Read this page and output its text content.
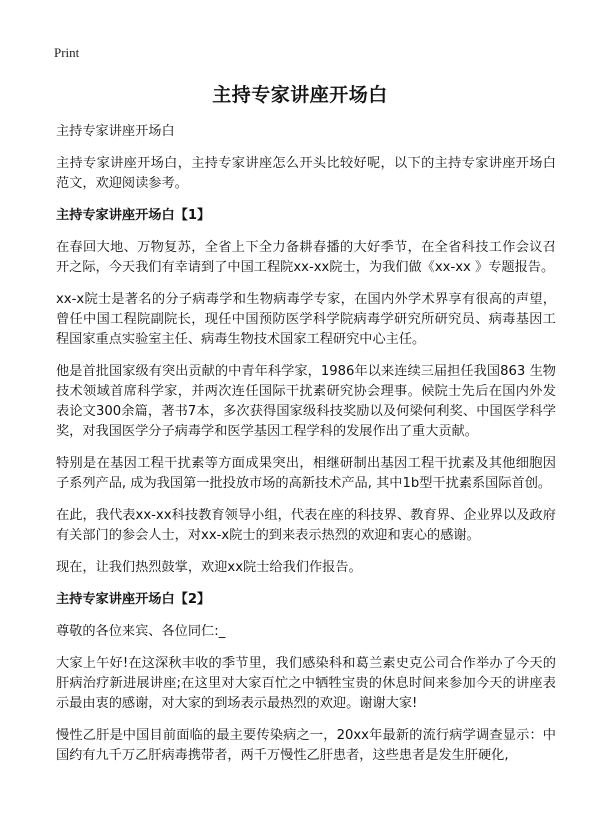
Print
主持专家讲座开场白

主持专家讲座开场白

主持专家讲座开场白，主持专家讲座怎么开头比较好呢，以下的主持专家讲座开场白范文，欢迎阅读参考。

主持专家讲座开场白【1】

在春回大地、万物复苏，全省上下全力备耕春播的大好季节，在全省科技工作会议召开之际，今天我们有幸请到了中国工程院xx-xx院士，为我们做《xx-xx 》专题报告。

xx-x院士是著名的分子病毒学和生物病毒学专家，在国内外学术界享有很高的声望，曾任中国工程院副院长，现任中国预防医学科学院病毒学研究所研究员、病毒基因工程国家重点实验室主任、病毒生物技术国家工程研究中心主任。

他是首批国家级有突出贡献的中青年科学家，1986年以来连续三届担任我国863 生物技术领域首席科学家，并两次连任国际干扰素研究协会理事。候院士先后在国内外发表论文300余篇，著书7本，多次获得国家级科技奖励以及何梁何利奖、中国医学科学奖，对我国医学分子病毒学和医学基因工程学科的发展作出了重大贡献。

特别是在基因工程干扰素等方面成果突出，相继研制出基因工程干扰素及其他细胞因子系列产品, 成为我国第一批投放市场的高新技术产品, 其中1b型干扰素系国际首创。

在此，我代表xx-xx科技教育领导小组，代表在座的科技界、教育界、企业界以及政府有关部门的参会人士，对xx-x院士的到来表示热烈的欢迎和衷心的感谢。

现在，让我们热烈鼓掌，欢迎xx院士给我们作报告。

主持专家讲座开场白【2】

尊敬的各位来宾、各位同仁:_

大家上午好!在这深秋丰收的季节里，我们感染科和葛兰素史克公司合作举办了今天的肝病治疗新进展讲座;在这里对大家百忙之中牺牲宝贵的休息时间来参加今天的讲座表示最由衷的感谢，对大家的到场表示最热烈的欢迎。谢谢大家!

慢性乙肝是中国目前面临的最主要传染病之一，20xx年最新的流行病学调查显示：中国约有九千万乙肝病毒携带者，两千万慢性乙肝患者，这些患者是发生肝硬化,
